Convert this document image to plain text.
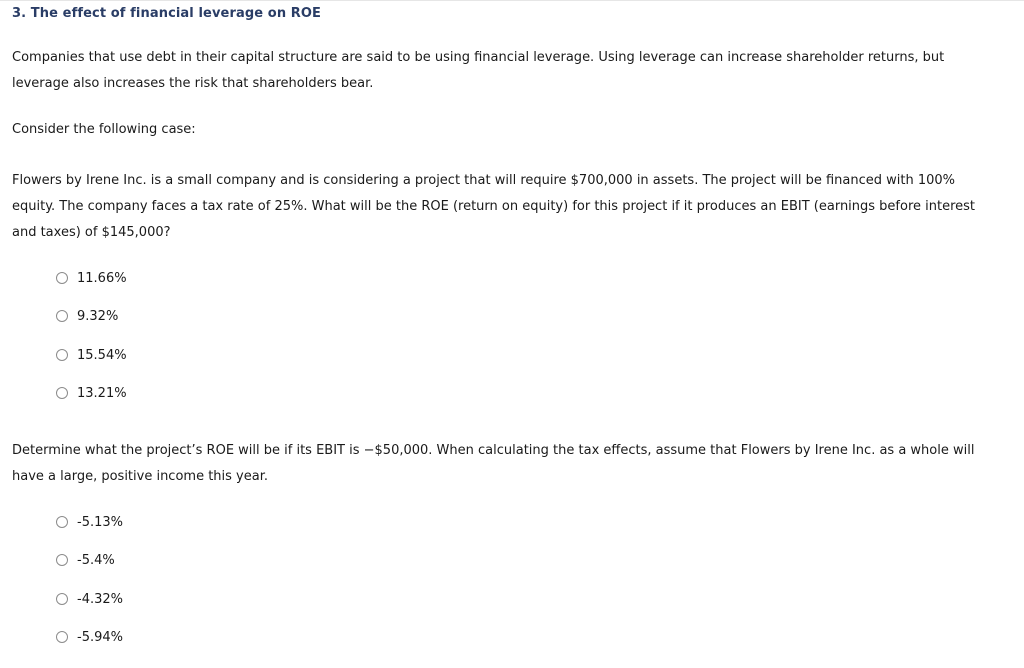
3. The effect of financial leverage on ROE

Companies that use debt in their capital structure are said to be using financial leverage. Using leverage can increase shareholder returns, but
leverage also increases the risk that shareholders bear.

Consider the following case:

Flowers by Irene Inc. is a small company and is considering a project that will require $700,000 in assets. The project will be financed with 100%
equity. The company faces a tax rate of 25%. What will be the ROE (return on equity) for this project if it produces an EBIT (earnings before interest
and taxes) of $145,000?

11.66%
9.32%
15.54%
13.21%

Determine what the project’s ROE will be if its EBIT is −$50,000. When calculating the tax effects, assume that Flowers by Irene Inc. as a whole will
have a large, positive income this year.

-5.13%
-5.4%
-4.32%
-5.94%
